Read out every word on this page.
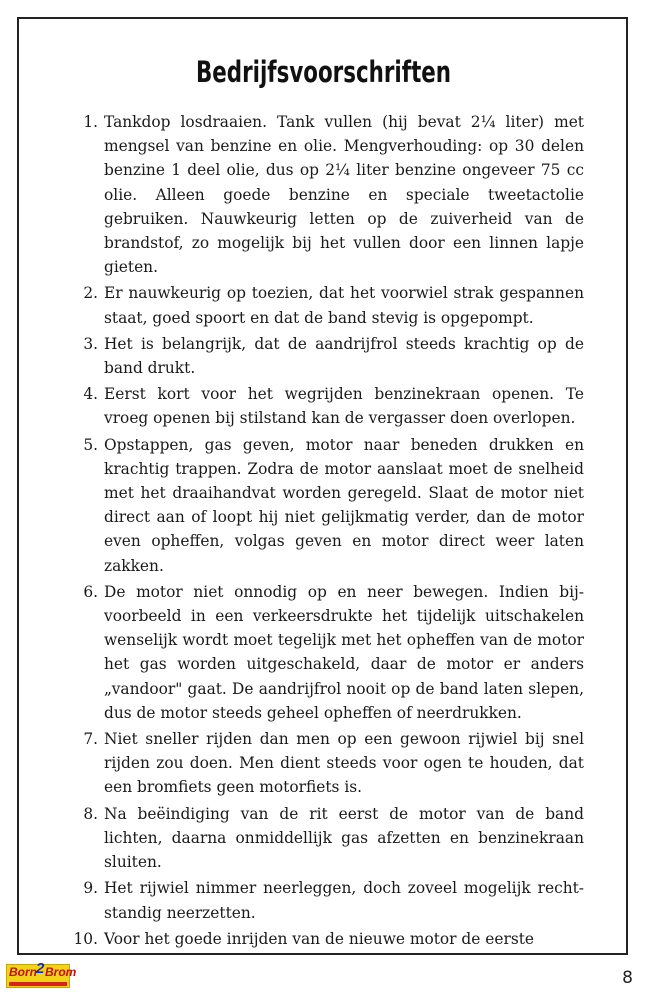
Bedrijfsvoorschriften
1. Tankdop losdraaien. Tank vullen (hij bevat 2¼ liter) met mengsel van benzine en olie. Mengverhouding: op 30 delen benzine 1 deel olie, dus op 2¼ liter benzine ongeveer 75 cc olie. Alleen goede benzine en speciale tweetactolie gebruiken. Nauwkeurig letten op de zuiverheid van de brandstof, zo mogelijk bij het vullen door een linnen lapje gieten.
2. Er nauwkeurig op toezien, dat het voorwiel strak gespannen staat, goed spoort en dat de band stevig is opgepompt.
3. Het is belangrijk, dat de aandrijfrol steeds krachtig op de band drukt.
4. Eerst kort voor het wegrijden benzinekraan openen. Te vroeg openen bij stilstand kan de vergasser doen overlopen.
5. Opstappen, gas geven, motor naar beneden drukken en krachtig trappen. Zodra de motor aanslaat moet de snelheid met het draaihandvat worden geregeld. Slaat de motor niet direct aan of loopt hij niet gelijkmatig verder, dan de motor even opheffen, volgas geven en motor direct weer laten zakken.
6. De motor niet onnodig op en neer bewegen. Indien bijvoorbeeld in een verkeersdrukte het tijdelijk uitschakelen wenselijk wordt moet tegelijk met het opheffen van de motor het gas worden uitgeschakeld, daar de motor er anders „vandoor" gaat. De aandrijfrol nooit op de band laten slepen, dus de motor steeds geheel opheffen of neerdrukken.
7. Niet sneller rijden dan men op een gewoon rijwiel bij snel rijden zou doen. Men dient steeds voor ogen te houden, dat een bromfiets geen motorfiets is.
8. Na beëindiging van de rit eerst de motor van de band lichten, daarna onmiddellijk gas afzetten en benzinekraan sluiten.
9. Het rijwiel nimmer neerleggen, doch zoveel mogelijk rechtstandig neerzetten.
10. Voor het goede inrijden van de nieuwe motor de eerste
Born 2 Brom	8
